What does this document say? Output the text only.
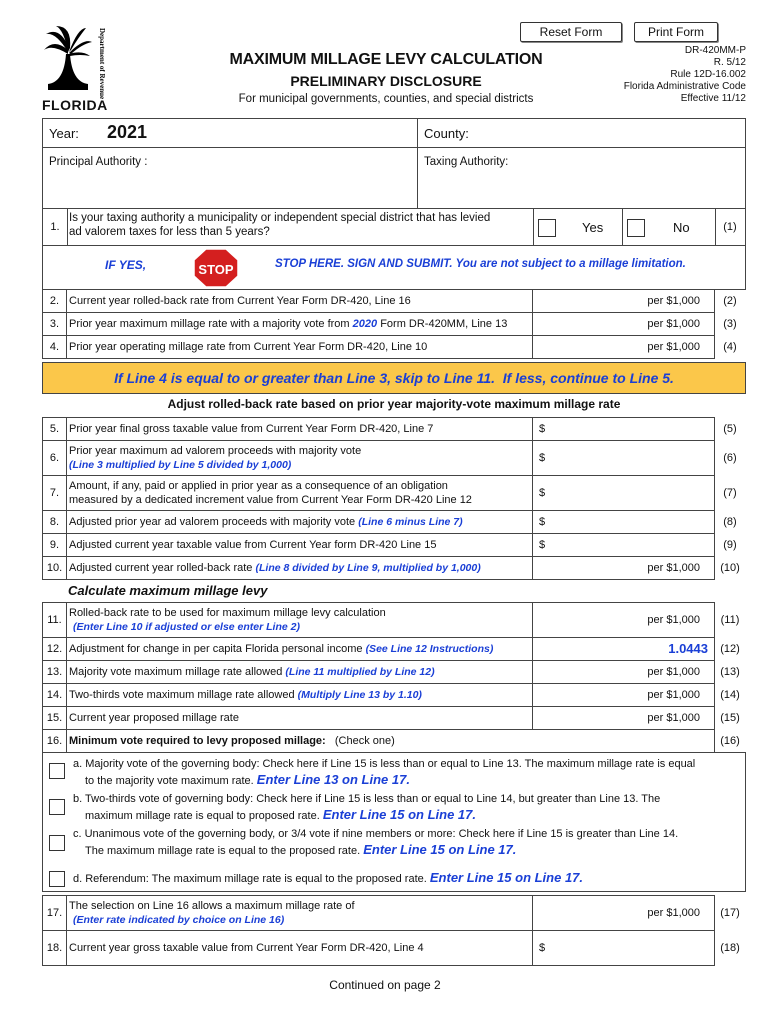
Reset Form	Print Form
Department of Revenue
FLORIDA
MAXIMUM MILLAGE LEVY CALCULATION
PRELIMINARY DISCLOSURE
For municipal governments, counties, and special districts
DR-420MM-P
R. 5/12
Rule 12D-16.002
Florida Administrative Code
Effective 11/12
Year: 2021	County:
Principal Authority :	Taxing Authority:
1.
Is your taxing authority a municipality or independent special district that has levied
ad valorem taxes for less than 5 years?	Yes	No	(1)
IF YES,	STOP	STOP HERE. SIGN AND SUBMIT. You are not subject to a millage limitation.
2. Current year rolled-back rate from Current Year Form DR-420, Line 16	per $1,000	(2)
3. Prior year maximum millage rate with a majority vote from 2020 Form DR-420MM, Line 13	per $1,000	(3)
4. Prior year operating millage rate from Current Year Form DR-420, Line 10	per $1,000	(4)
If Line 4 is equal to or greater than Line 3, skip to Line 11. If less, continue to Line 5.
Adjust rolled-back rate based on prior year majority-vote maximum millage rate
5. Prior year final gross taxable value from Current Year Form DR-420, Line 7	$	(5)
6.
Prior year maximum ad valorem proceeds with majority vote
(Line 3 multiplied by Line 5 divided by 1,000)
$	(6)
7.
Amount, if any, paid or applied in prior year as a consequence of an obligation
measured by a dedicated increment value from Current Year Form DR-420 Line 12
$	(7)
8. Adjusted prior year ad valorem proceeds with majority vote (Line 6 minus Line 7)	$	(8)
9. Adjusted current year taxable value from Current Year form DR-420 Line 15	$	(9)
10. Adjusted current year rolled-back rate (Line 8 divided by Line 9, multiplied by 1,000)	per $1,000	(10)
Calculate maximum millage levy
11.
Rolled-back rate to be used for maximum millage levy calculation
(Enter Line 10 if adjusted or else enter Line 2)
per $1,000	(11)
12. Adjustment for change in per capita Florida personal income (See Line 12 Instructions)	1.0443	(12)
13. Majority vote maximum millage rate allowed (Line 11 multiplied by Line 12)	per $1,000	(13)
14. Two-thirds vote maximum millage rate allowed (Multiply Line 13 by 1.10)	per $1,000	(14)
15. Current year proposed millage rate	per $1,000	(15)
16. Minimum vote required to levy proposed millage: (Check one)	(16)
a. Majority vote of the governing body: Check here if Line 15 is less than or equal to Line 13. The maximum millage rate is equal
to the majority vote maximum rate. Enter Line 13 on Line 17.
b. Two-thirds vote of governing body: Check here if Line 15 is less than or equal to Line 14, but greater than Line 13. The
maximum millage rate is equal to proposed rate. Enter Line 15 on Line 17.
c. Unanimous vote of the governing body, or 3/4 vote if nine members or more: Check here if Line 15 is greater than Line 14.
The maximum millage rate is equal to the proposed rate. Enter Line 15 on Line 17.
d. Referendum: The maximum millage rate is equal to the proposed rate. Enter Line 15 on Line 17.
17.
The selection on Line 16 allows a maximum millage rate of
(Enter rate indicated by choice on Line 16)
per $1,000	(17)
18. Current year gross taxable value from Current Year Form DR-420, Line 4	$	(18)
Continued on page 2
